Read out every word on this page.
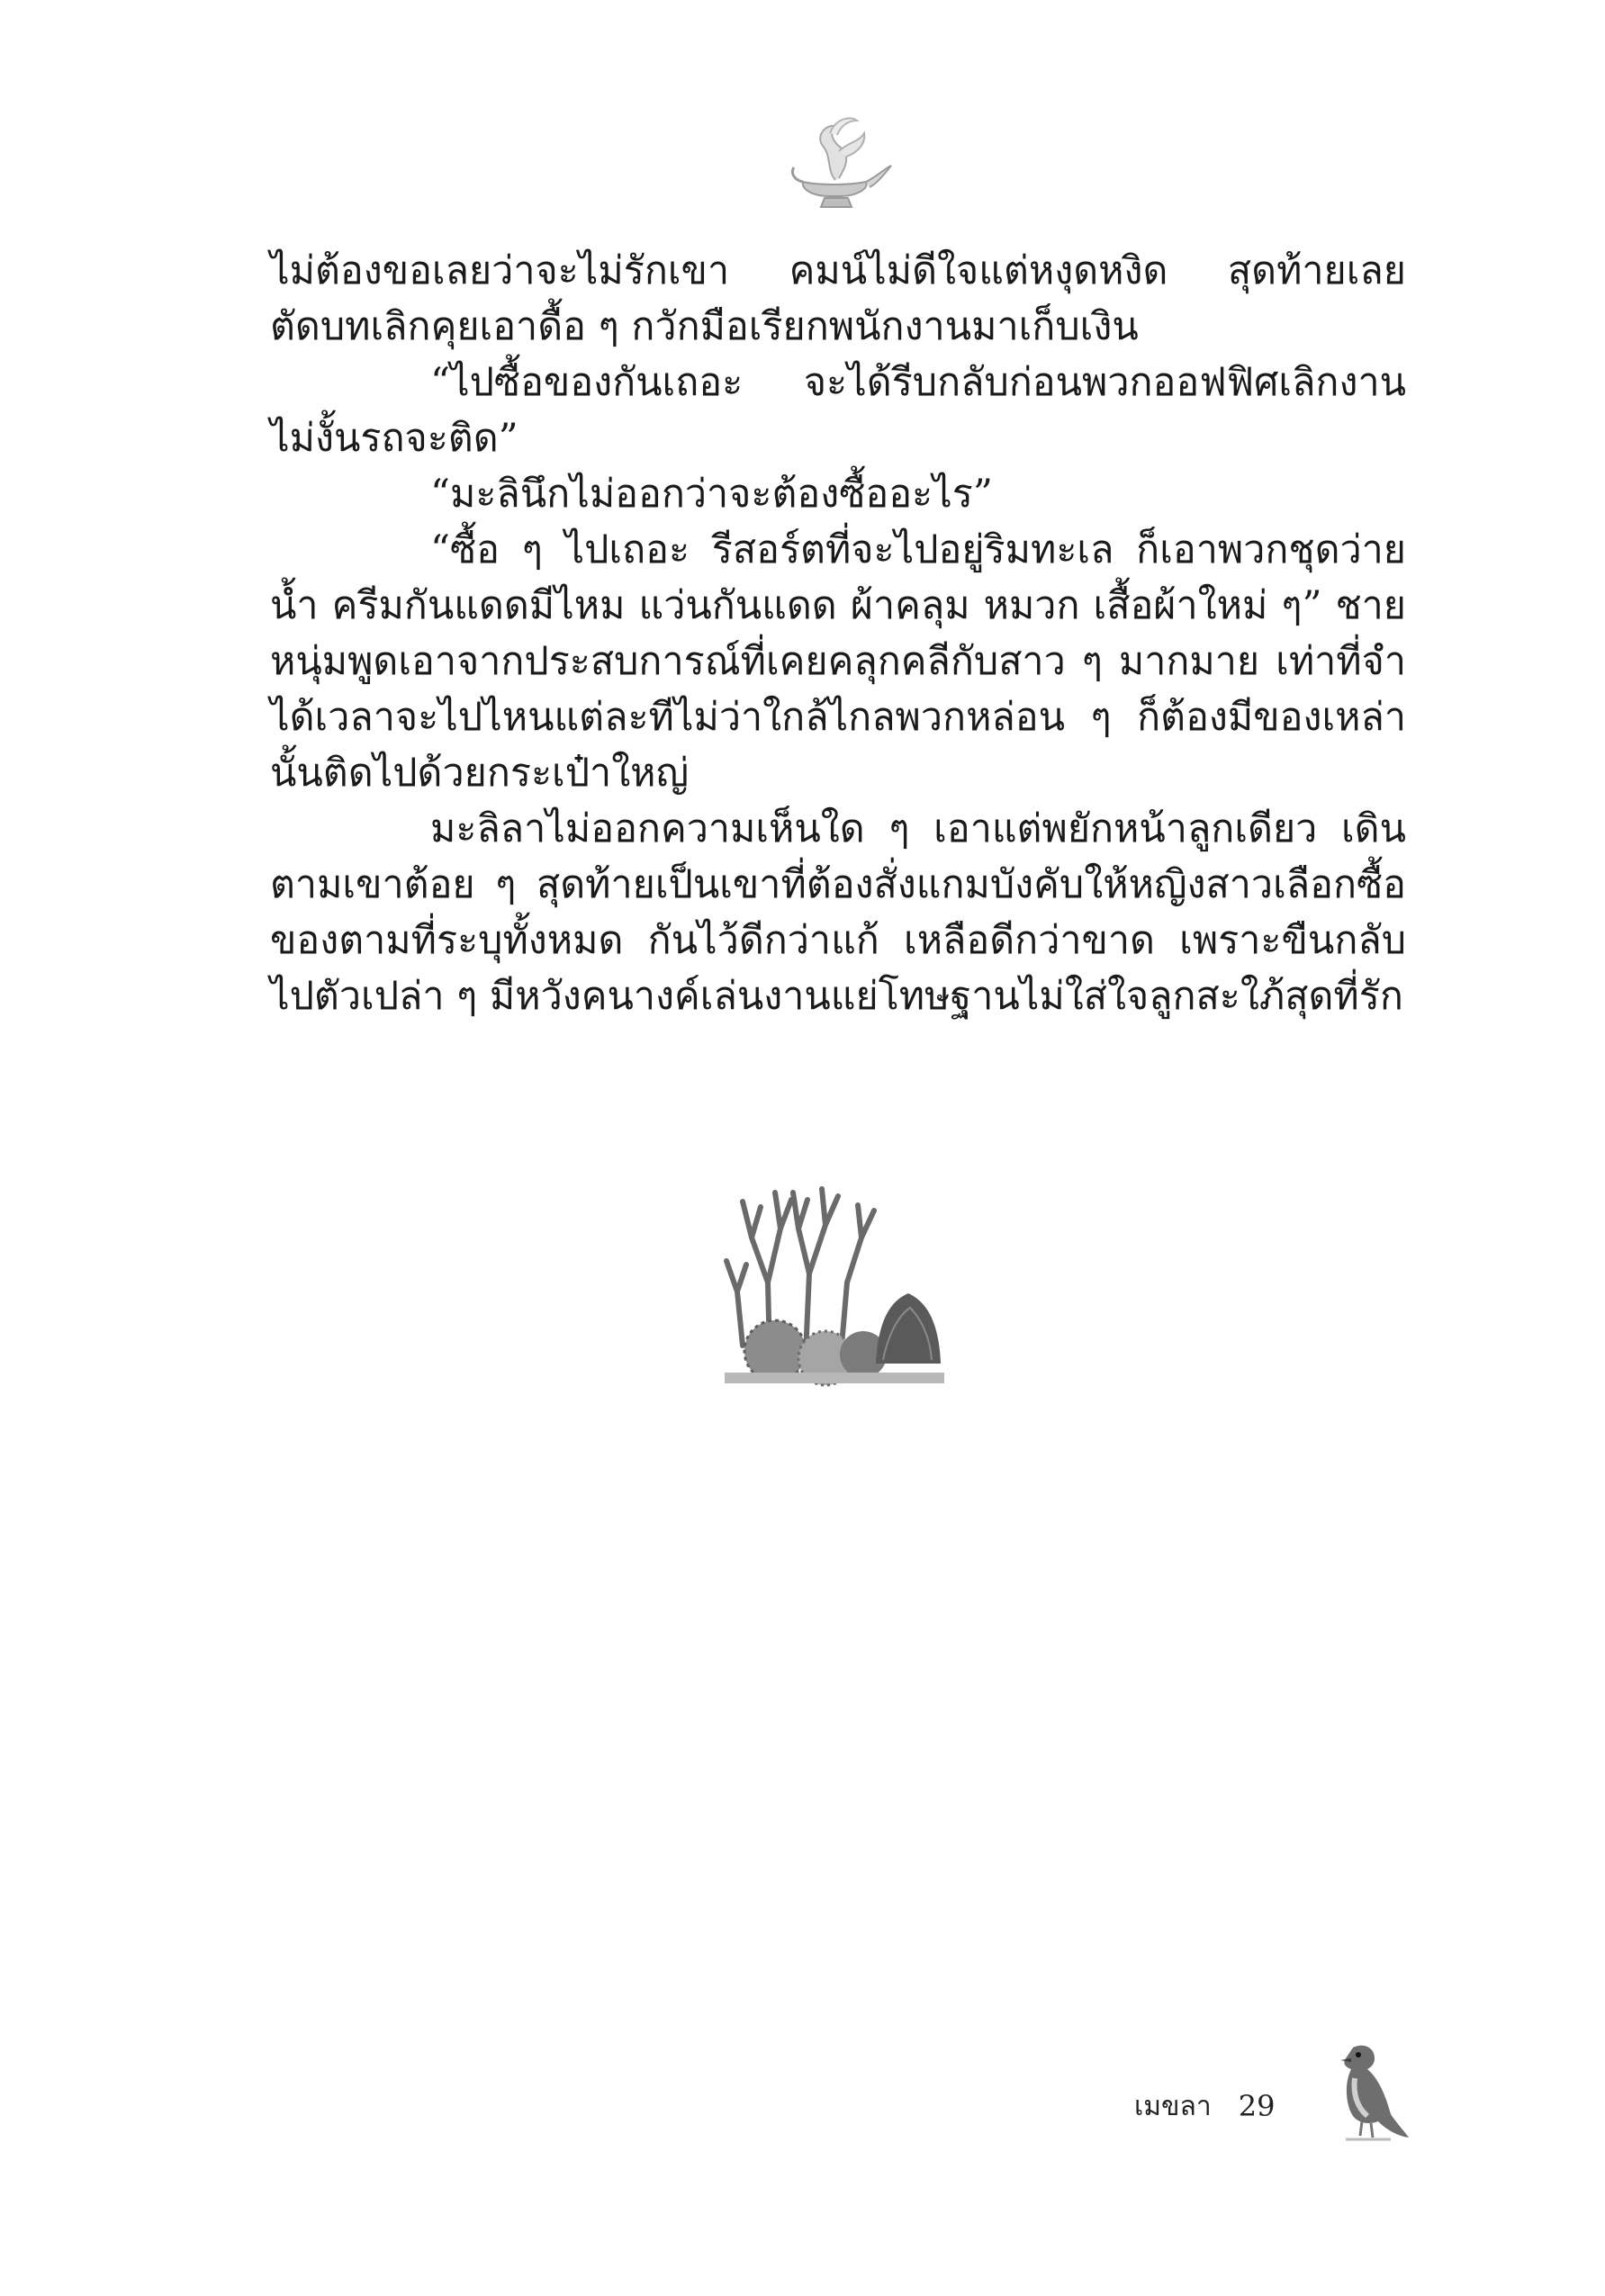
ไม่ต้องขอเลยว่าจะไม่รักเขา คมน์ไม่ดีใจแต่หงุดหงิด สุดท้ายเลยตัดบทเลิกคุยเอาดื้อ ๆ กวักมือเรียกพนักงานมาเก็บเงิน

“ไปซื้อของกันเถอะ จะได้รีบกลับก่อนพวกออฟฟิศเลิกงาน ไม่งั้นรถจะติด”

“มะลินึกไม่ออกว่าจะต้องซื้ออะไร”

“ซื้อ ๆ ไปเถอะ รีสอร์ตที่จะไปอยู่ริมทะเล ก็เอาพวกชุดว่ายน้ำ ครีมกันแดดมีไหม แว่นกันแดด ผ้าคลุม หมวก เสื้อผ้าใหม่ ๆ” ชายหนุ่มพูดเอาจากประสบการณ์ที่เคยคลุกคลีกับสาว ๆ มากมาย เท่าที่จำได้เวลาจะไปไหนแต่ละทีไม่ว่าใกล้ไกลพวกหล่อน ๆ ก็ต้องมีของเหล่านั้นติดไปด้วยกระเป๋าใหญ่

มะลิลาไม่ออกความเห็นใด ๆ เอาแต่พยักหน้าลูกเดียว เดินตามเขาต้อย ๆ สุดท้ายเป็นเขาที่ต้องสั่งแกมบังคับให้หญิงสาวเลือกซื้อของตามที่ระบุทั้งหมด กันไว้ดีกว่าแก้ เหลือดีกว่าขาด เพราะขืนกลับไปตัวเปล่า ๆ มีหวังคนางค์เล่นงานแย่โทษฐานไม่ใส่ใจลูกสะใภ้สุดที่รัก

เมขลา 29
